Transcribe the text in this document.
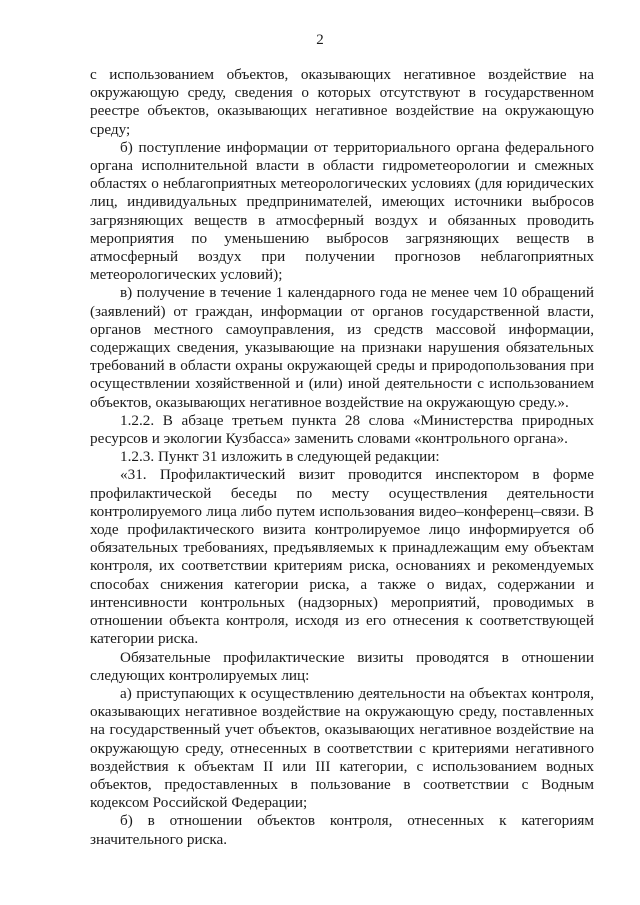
2

с использованием объектов, оказывающих негативное воздействие на окружающую среду, сведения о которых отсутствуют в государственном реестре объектов, оказывающих негативное воздействие на окружающую среду;

б) поступление информации от территориального органа федерального органа исполнительной власти в области гидрометеорологии и смежных областях о неблагоприятных метеорологических условиях (для юридических лиц, индивидуальных предпринимателей, имеющих источники выбросов загрязняющих веществ в атмосферный воздух и обязанных проводить мероприятия по уменьшению выбросов загрязняющих веществ в атмосферный воздух при получении прогнозов неблагоприятных метеорологических условий);

в) получение в течение 1 календарного года не менее чем 10 обращений (заявлений) от граждан, информации от органов государственной власти, органов местного самоуправления, из средств массовой информации, содержащих сведения, указывающие на признаки нарушения обязательных требований в области охраны окружающей среды и природопользования при осуществлении хозяйственной и (или) иной деятельности с использованием объектов, оказывающих негативное воздействие на окружающую среду.».

1.2.2. В абзаце третьем пункта 28 слова «Министерства природных ресурсов и экологии Кузбасса» заменить словами «контрольного органа».

1.2.3. Пункт 31 изложить в следующей редакции:

«31. Профилактический визит проводится инспектором в форме профилактической беседы по месту осуществления деятельности контролируемого лица либо путем использования видео–конференц–связи. В ходе профилактического визита контролируемое лицо информируется об обязательных требованиях, предъявляемых к принадлежащим ему объектам контроля, их соответствии критериям риска, основаниях и рекомендуемых способах снижения категории риска, а также о видах, содержании и интенсивности контрольных (надзорных) мероприятий, проводимых в отношении объекта контроля, исходя из его отнесения к соответствующей категории риска.

Обязательные профилактические визиты проводятся в отношении следующих контролируемых лиц:

а) приступающих к осуществлению деятельности на объектах контроля, оказывающих негативное воздействие на окружающую среду, поставленных на государственный учет объектов, оказывающих негативное воздействие на окружающую среду, отнесенных в соответствии с критериями негативного воздействия к объектам II или III категории, с использованием водных объектов, предоставленных в пользование в соответствии с Водным кодексом Российской Федерации;

б) в отношении объектов контроля, отнесенных к категориям значительного риска.
